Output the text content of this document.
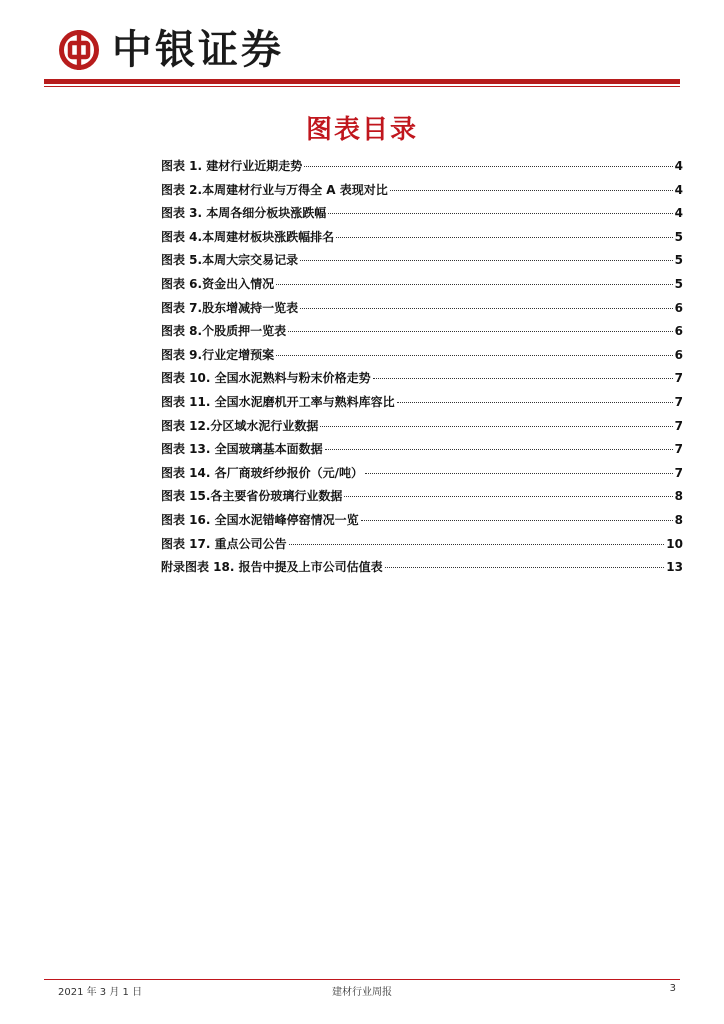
中银证券
图表目录
图表 1. 建材行业近期走势	4
图表 2.本周建材行业与万得全 A 表现对比	4
图表 3. 本周各细分板块涨跌幅	4
图表 4.本周建材板块涨跌幅排名	5
图表 5.本周大宗交易记录	5
图表 6.资金出入情况	5
图表 7.股东增减持一览表	6
图表 8.个股质押一览表	6
图表 9.行业定增预案	6
图表 10. 全国水泥熟料与粉末价格走势	7
图表 11. 全国水泥磨机开工率与熟料库容比	7
图表 12.分区域水泥行业数据	7
图表 13. 全国玻璃基本面数据	7
图表 14. 各厂商玻纤纱报价（元/吨）	7
图表 15.各主要省份玻璃行业数据	8
图表 16. 全国水泥错峰停窑情况一览	8
图表 17. 重点公司公告	10
附录图表 18. 报告中提及上市公司估值表	13
2021 年 3 月 1 日	建材行业周报	3
